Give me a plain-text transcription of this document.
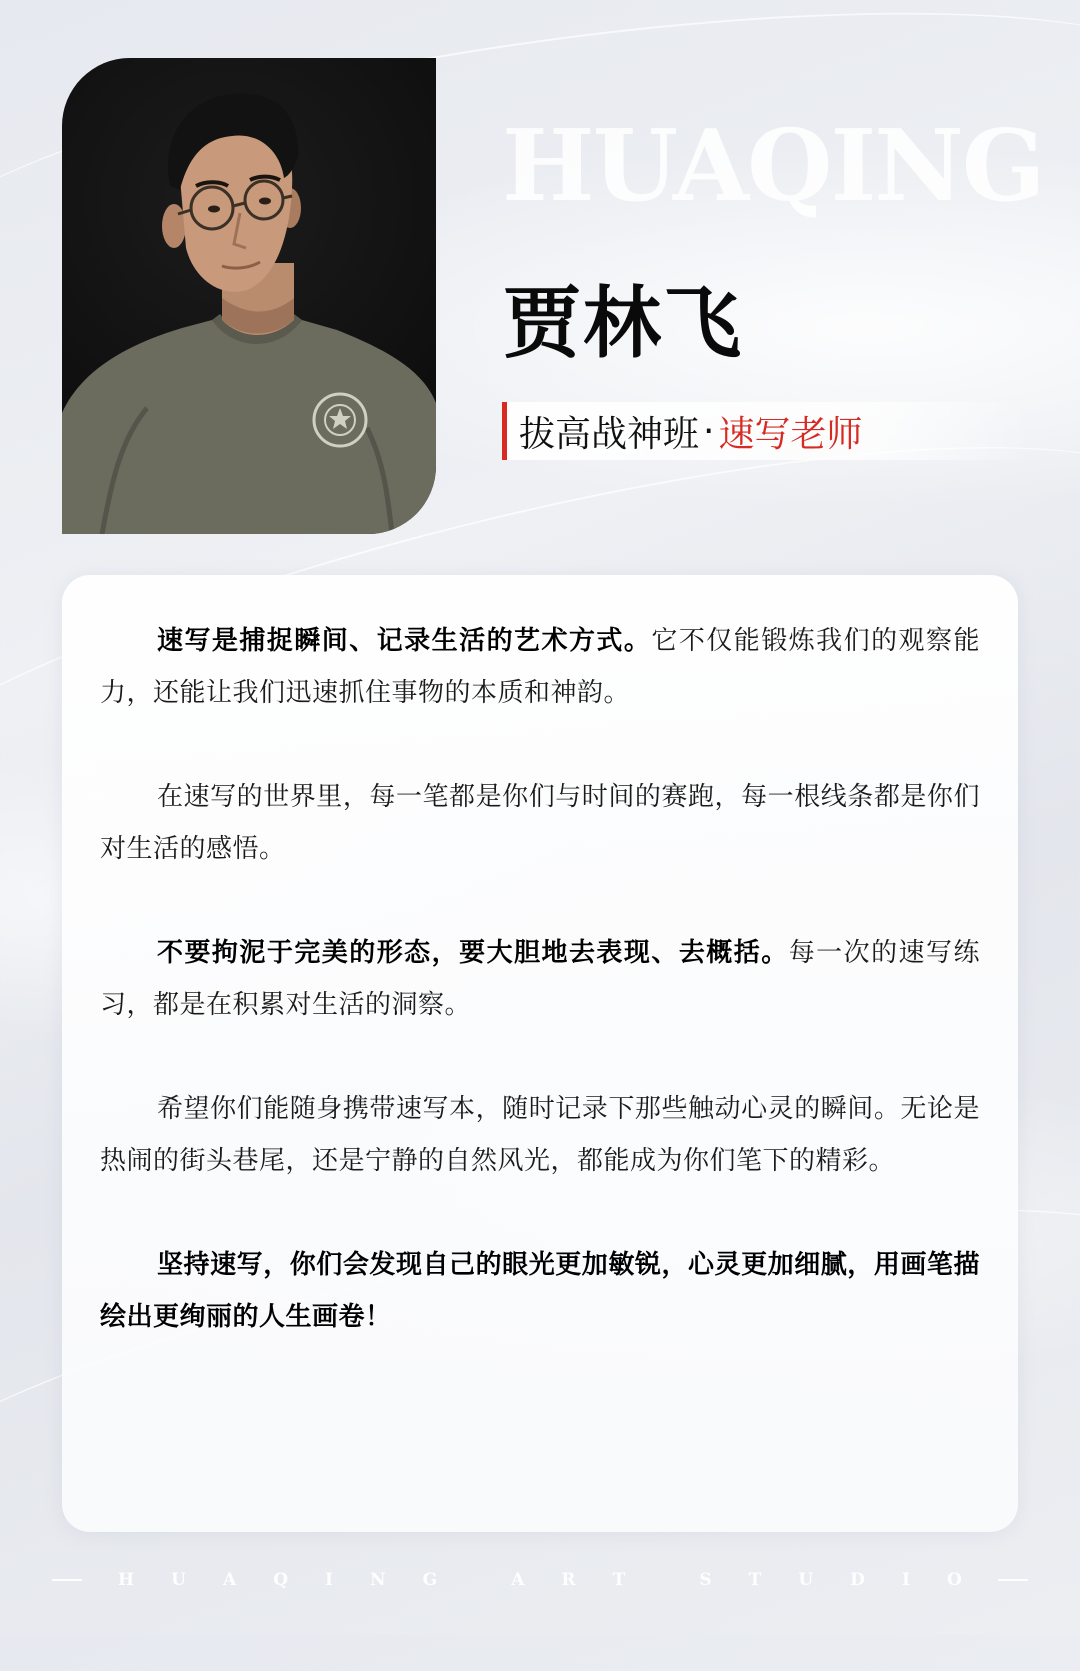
HUAQING
贾林飞
拔高战神班 · 速写老师

速写是捕捉瞬间、记录生活的艺术方式。它不仅能锻炼我们的观察能力，还能让我们迅速抓住事物的本质和神韵。

在速写的世界里，每一笔都是你们与时间的赛跑，每一根线条都是你们对生活的感悟。

不要拘泥于完美的形态，要大胆地去表现、去概括。每一次的速写练习，都是在积累对生活的洞察。

希望你们能随身携带速写本，随时记录下那些触动心灵的瞬间。无论是热闹的街头巷尾，还是宁静的自然风光，都能成为你们笔下的精彩。

坚持速写，你们会发现自己的眼光更加敏锐，心灵更加细腻，用画笔描绘出更绚丽的人生画卷！

H U A Q I N G	A R T	S T U D I O
